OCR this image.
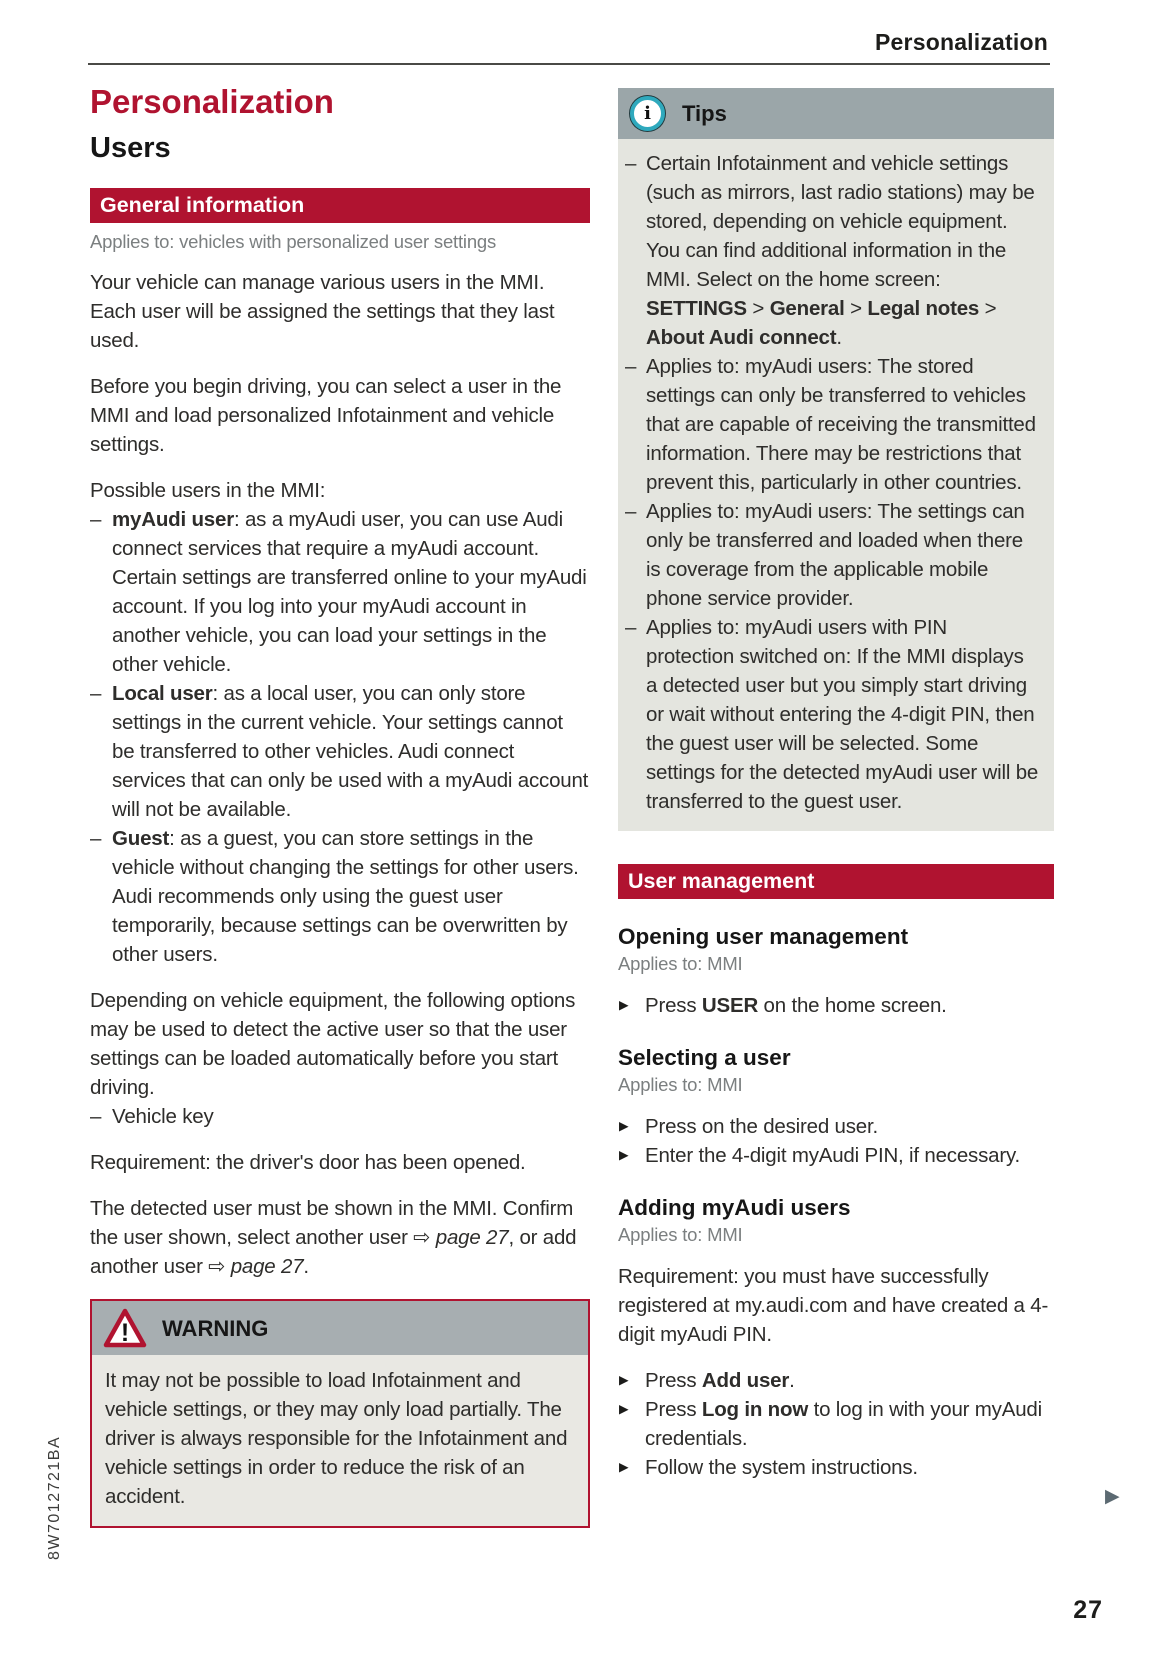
Personalization
Personalization
Users
General information
Applies to: vehicles with personalized user settings

Your vehicle can manage various users in the MMI. Each user will be assigned the settings that they last used.

Before you begin driving, you can select a user in the MMI and load personalized Infotainment and vehicle settings.

Possible users in the MMI:

– myAudi user: as a myAudi user, you can use Audi connect services that require a myAudi account. Certain settings are transferred online to your myAudi account. If you log into your myAudi account in another vehicle, you can load your settings in the other vehicle.
– Local user: as a local user, you can only store settings in the current vehicle. Your settings cannot be transferred to other vehicles. Audi connect services that can only be used with a myAudi account will not be available.
– Guest: as a guest, you can store settings in the vehicle without changing the settings for other users. Audi recommends only using the guest user temporarily, because settings can be overwritten by other users.

Depending on vehicle equipment, the following options may be used to detect the active user so that the user settings can be loaded automatically before you start driving.

– Vehicle key

Requirement: the driver's door has been opened.

The detected user must be shown in the MMI. Confirm the user shown, select another user ⇨ page 27, or add another user ⇨ page 27.

! WARNING
It may not be possible to load Infotainment and vehicle settings, or they may only load partially. The driver is always responsible for the Infotainment and vehicle settings in order to reduce the risk of an accident.
i	Tips
– Certain Infotainment and vehicle settings (such as mirrors, last radio stations) may be stored, depending on vehicle equipment. You can find additional information in the MMI. Select on the home screen: SETTINGS > General > Legal notes > About Audi connect.
– Applies to: myAudi users: The stored settings can only be transferred to vehicles that are capable of receiving the transmitted information. There may be restrictions that prevent this, particularly in other countries.
– Applies to: myAudi users: The settings can only be transferred and loaded when there is coverage from the applicable mobile phone service provider.
– Applies to: myAudi users with PIN protection switched on: If the MMI displays a detected user but you simply start driving or wait without entering the 4-digit PIN, then the guest user will be selected. Some settings for the detected myAudi user will be transferred to the guest user.
User management
Opening user management
Applies to: MMI
▶ Press USER on the home screen.
Selecting a user
Applies to: MMI
▶ Press on the desired user.
▶ Enter the 4-digit myAudi PIN, if necessary.
Adding myAudi users
Applies to: MMI

Requirement: you must have successfully registered at my.audi.com and have created a 4-digit myAudi PIN.

▶ Press Add user.
▶ Press Log in now to log in with your myAudi credentials.
▶ Follow the system instructions.
▶
27
8W7012721BA
